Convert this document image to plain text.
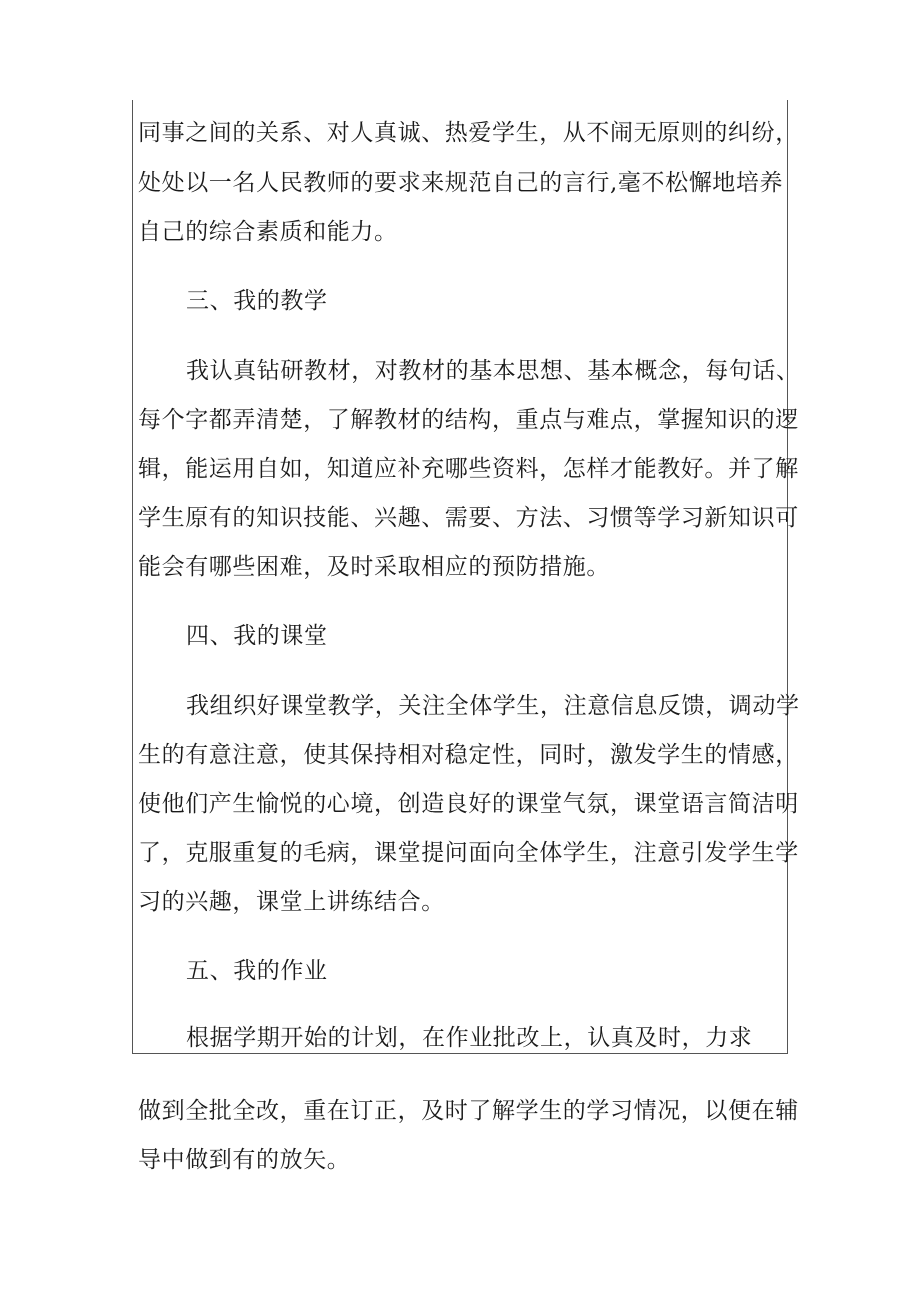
同事之间的关系、对人真诚、热爱学生，从不闹无原则的纠纷，
处处以一名人民教师的要求来规范自己的言行,毫不松懈地培养
自己的综合素质和能力。
三、我的教学
我认真钻研教材，对教材的基本思想、基本概念，每句话、
每个字都弄清楚，了解教材的结构，重点与难点，掌握知识的逻
辑，能运用自如，知道应补充哪些资料，怎样才能教好。并了解
学生原有的知识技能、兴趣、需要、方法、习惯等学习新知识可
能会有哪些困难，及时采取相应的预防措施。
四、我的课堂
我组织好课堂教学，关注全体学生，注意信息反馈，调动学
生的有意注意，使其保持相对稳定性，同时，激发学生的情感，
使他们产生愉悦的心境，创造良好的课堂气氛，课堂语言简洁明
了，克服重复的毛病，课堂提问面向全体学生，注意引发学生学
习的兴趣，课堂上讲练结合。
五、我的作业
根据学期开始的计划，在作业批改上，认真及时，力求
做到全批全改，重在订正，及时了解学生的学习情况，以便在辅
导中做到有的放矢。
